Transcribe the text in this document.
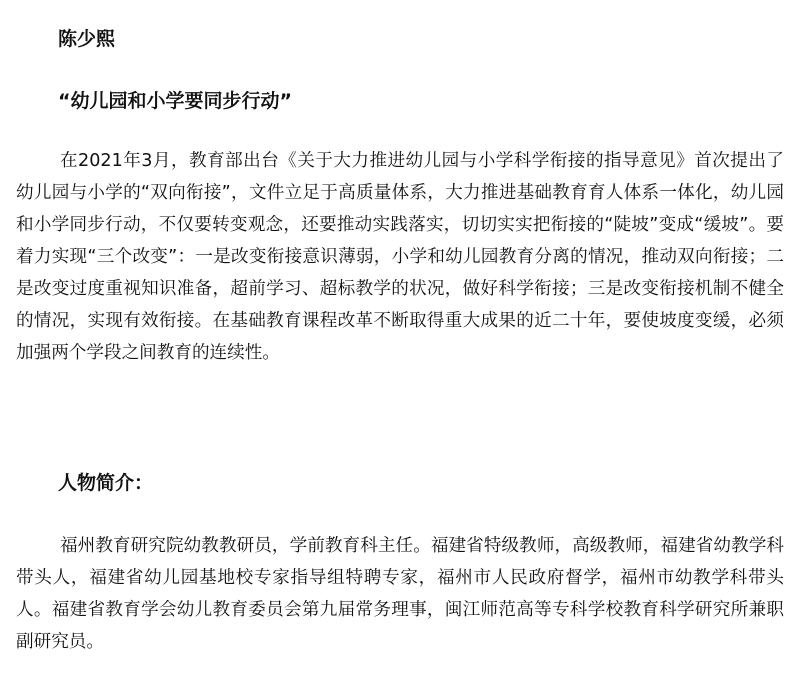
陈少熙
“幼儿园和小学要同步行动”

在2021年3月，教育部出台《关于大力推进幼儿园与小学科学衔接的指导意见》首次提出了幼儿园与小学的“双向衔接”，文件立足于高质量体系，大力推进基础教育育人体系一体化，幼儿园和小学同步行动，不仅要转变观念，还要推动实践落实，切切实实把衔接的“陡坡”变成“缓坡”。要着力实现“三个改变”：一是改变衔接意识薄弱，小学和幼儿园教育分离的情况，推动双向衔接；二是改变过度重视知识准备，超前学习、超标教学的状况，做好科学衔接；三是改变衔接机制不健全的情况，实现有效衔接。在基础教育课程改革不断取得重大成果的近二十年，要使坡度变缓，必须加强两个学段之间教育的连续性。

人物简介：

福州教育研究院幼教教研员，学前教育科主任。福建省特级教师，高级教师，福建省幼教学科带头人，福建省幼儿园基地校专家指导组特聘专家，福州市人民政府督学，福州市幼教学科带头人。福建省教育学会幼儿教育委员会第九届常务理事，闽江师范高等专科学校教育科学研究所兼职副研究员。
